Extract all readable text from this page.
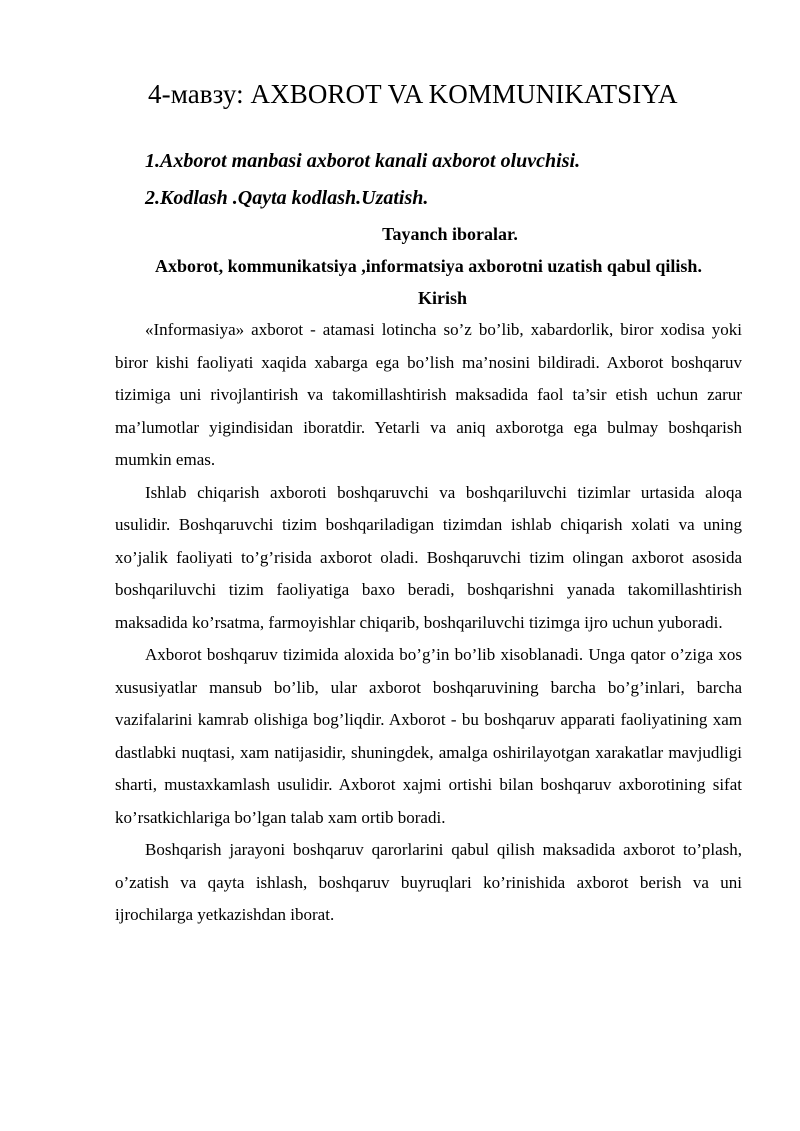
4-мавзу: AXBOROT VA KOMMUNIKATSIYA
1.Axborot manbasi axborot kanali axborot oluvchisi.
2.Kodlash .Qayta kodlash.Uzatish.
Tayanch iboralar.
Axborot, kommunikatsiya ,informatsiya axborotni uzatish qabul qilish.
Kirish

«Informasiya» axborot - atamasi lotincha so’z bo’lib, xabardorlik, biror xodisa yoki biror kishi faoliyati xaqida xabarga ega bo’lish ma’nosini bildiradi. Axborot boshqaruv tizimiga uni rivojlantirish va takomillashtirish maksadida faol ta’sir etish uchun zarur ma’lumotlar yigindisidan iboratdir. Yetarli va aniq axborotga ega bulmay boshqarish mumkin emas.

Ishlab chiqarish axboroti boshqaruvchi va boshqariluvchi tizimlar urtasida aloqa usulidir. Boshqaruvchi tizim boshqariladigan tizimdan ishlab chiqarish xolati va uning xo’jalik faoliyati to’g’risida axborot oladi. Boshqaruvchi tizim olingan axborot asosida boshqariluvchi tizim faoliyatiga baxo beradi, boshqarishni yanada takomillashtirish maksadida ko’rsatma, farmoyishlar chiqarib, boshqariluvchi tizimga ijro uchun yuboradi.

Axborot boshqaruv tizimida aloxida bo’g’in bo’lib xisoblanadi. Unga qator o’ziga xos xususiyatlar mansub bo’lib, ular axborot boshqaruvining barcha bo’g’inlari, barcha vazifalarini kamrab olishiga bog’liqdir. Axborot - bu boshqaruv apparati faoliyatining xam dastlabki nuqtasi, xam natijasidir, shuningdek, amalga oshirilayotgan xarakatlar mavjudligi sharti, mustaxkamlash usulidir. Axborot xajmi ortishi bilan boshqaruv axborotining sifat ko’rsatkichlariga bo’lgan talab xam ortib boradi.

Boshqarish jarayoni boshqaruv qarorlarini qabul qilish maksadida axborot to’plash, o’zatish va qayta ishlash, boshqaruv buyruqlari ko’rinishida axborot berish va uni ijrochilarga yetkazishdan iborat.
